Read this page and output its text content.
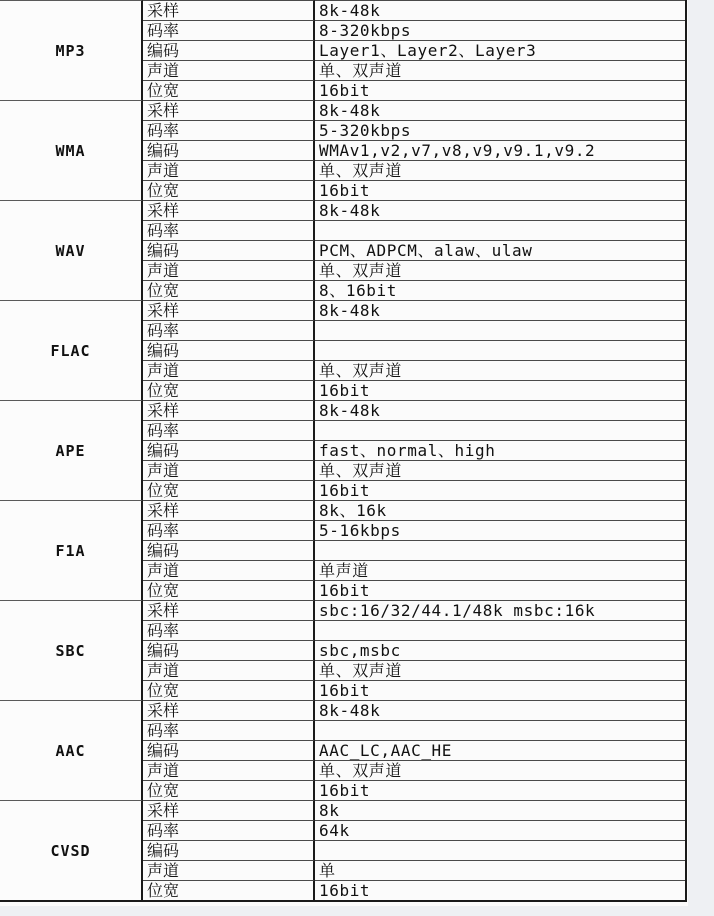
MP3
采样	8k-48k
码率	8-320kbps
编码	Layer1、Layer2、Layer3
声道	单、双声道
位宽	16bit
WMA
采样	8k-48k
码率	5-320kbps
编码	WMAv1,v2,v7,v8,v9,v9.1,v9.2
声道	单、双声道
位宽	16bit
WAV
采样	8k-48k
码率
编码	PCM、ADPCM、alaw、ulaw
声道	单、双声道
位宽	8、16bit
FLAC
采样	8k-48k
码率
编码
声道	单、双声道
位宽	16bit
APE
采样	8k-48k
码率
编码	fast、normal、high
声道	单、双声道
位宽	16bit
F1A
采样	8k、16k
码率	5-16kbps
编码
声道	单声道
位宽	16bit
SBC
采样	sbc:16/32/44.1/48k msbc:16k
码率
编码	sbc,msbc
声道	单、双声道
位宽	16bit
AAC
采样	8k-48k
码率
编码	AAC_LC,AAC_HE
声道	单、双声道
位宽	16bit
CVSD
采样	8k
码率	64k
编码
声道	单
位宽	16bit
